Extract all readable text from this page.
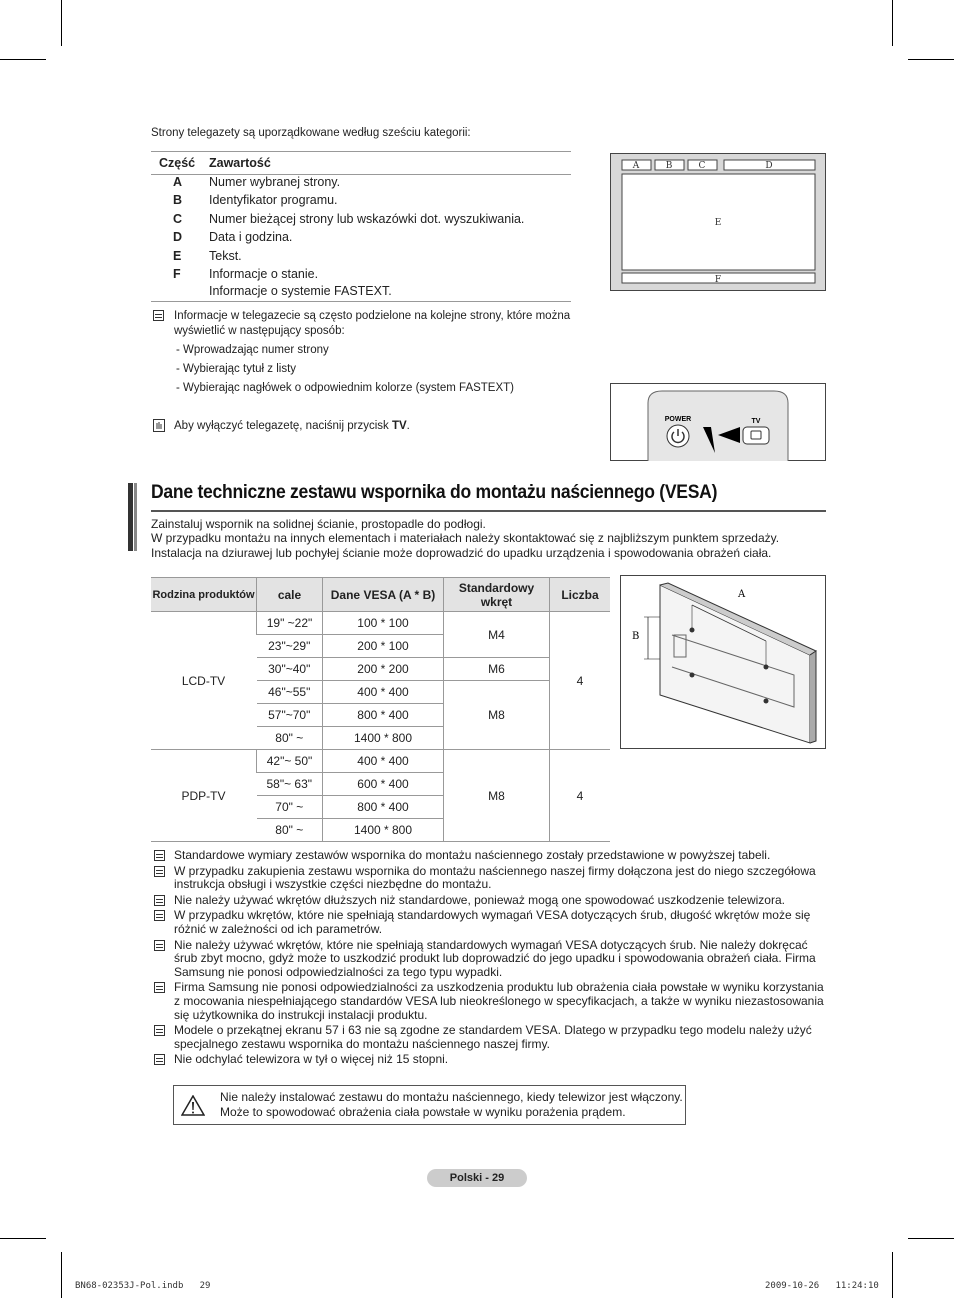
Strony telegazety są uporządkowane według sześciu kategorii:
Część Zawartość
A Numer wybranej strony.
B Identyfikator programu.
C Numer bieżącej strony lub wskazówki dot. wyszukiwania.
D Data i godzina.
E Tekst.
F Informacje o stanie.
Informacje o systemie FASTEXT.
A	B	C	D
E
F
Informacje w telegazecie są często podzielone na kolejne strony, które można wyświetlić w następujący sposób:
- Wprowadzając numer strony
- Wybierając tytuł z listy
- Wybierając nagłówek o odpowiednim kolorze (system FASTEXT)
Aby wyłączyć telegazetę, naciśnij przycisk TV.
POWER	TV
Dane techniczne zestawu wspornika do montażu naściennego (VESA)
Zainstaluj wspornik na solidnej ścianie, prostopadle do podłogi.
W przypadku montażu na innych elementach i materiałach należy skontaktować się z najbliższym punktem sprzedaży.
Instalacja na dziurawej lub pochyłej ścianie może doprowadzić do upadku urządzenia i spowodowania obrażeń ciała.
Rodzina produktów	cale	Dane VESA (A * B)	Standardowy wkręt	Liczba
LCD-TV	19" ~22"	100 * 100	M4	4
	23"~29"	200 * 100		
	30"~40"	200 * 200	M6	
	46"~55"	400 * 400	M8	
	57"~70"	800 * 400		
	80" ~	1400 * 800		
PDP-TV	42"~ 50"	400 * 400	M8	4
	58"~ 63"	600 * 400		
	70" ~	800 * 400		
	80" ~	1400 * 800		
A
B
Standardowe wymiary zestawów wspornika do montażu naściennego zostały przedstawione w powyższej tabeli.
W przypadku zakupienia zestawu wspornika do montażu naściennego naszej firmy dołączona jest do niego szczegółowa instrukcja obsługi i wszystkie części niezbędne do montażu.
Nie należy używać wkrętów dłuższych niż standardowe, ponieważ mogą one spowodować uszkodzenie telewizora.
W przypadku wkrętów, które nie spełniają standardowych wymagań VESA dotyczących śrub, długość wkrętów może się różnić w zależności od ich parametrów.
Nie należy używać wkrętów, które nie spełniają standardowych wymagań VESA dotyczących śrub. Nie należy dokręcać śrub zbyt mocno, gdyż może to uszkodzić produkt lub doprowadzić do jego upadku i spowodowania obrażeń ciała. Firma Samsung nie ponosi odpowiedzialności za tego typu wypadki.
Firma Samsung nie ponosi odpowiedzialności za uszkodzenia produktu lub obrażenia ciała powstałe w wyniku korzystania z mocowania niespełniającego standardów VESA lub nieokreślonego w specyfikacjach, a także w wyniku niezastosowania się użytkownika do instrukcji instalacji produktu.
Modele o przekątnej ekranu 57 i 63 nie są zgodne ze standardem VESA. Dlatego w przypadku tego modelu należy użyć specjalnego zestawu wspornika do montażu naściennego naszej firmy.
Nie odchylać telewizora w tył o więcej niż 15 stopni.
Nie należy instalować zestawu do montażu naściennego, kiedy telewizor jest włączony.
Może to spowodować obrażenia ciała powstałe w wyniku porażenia prądem.
Polski - 29
BN68-02353J-Pol.indb   29	2009-10-26   11:24:10
